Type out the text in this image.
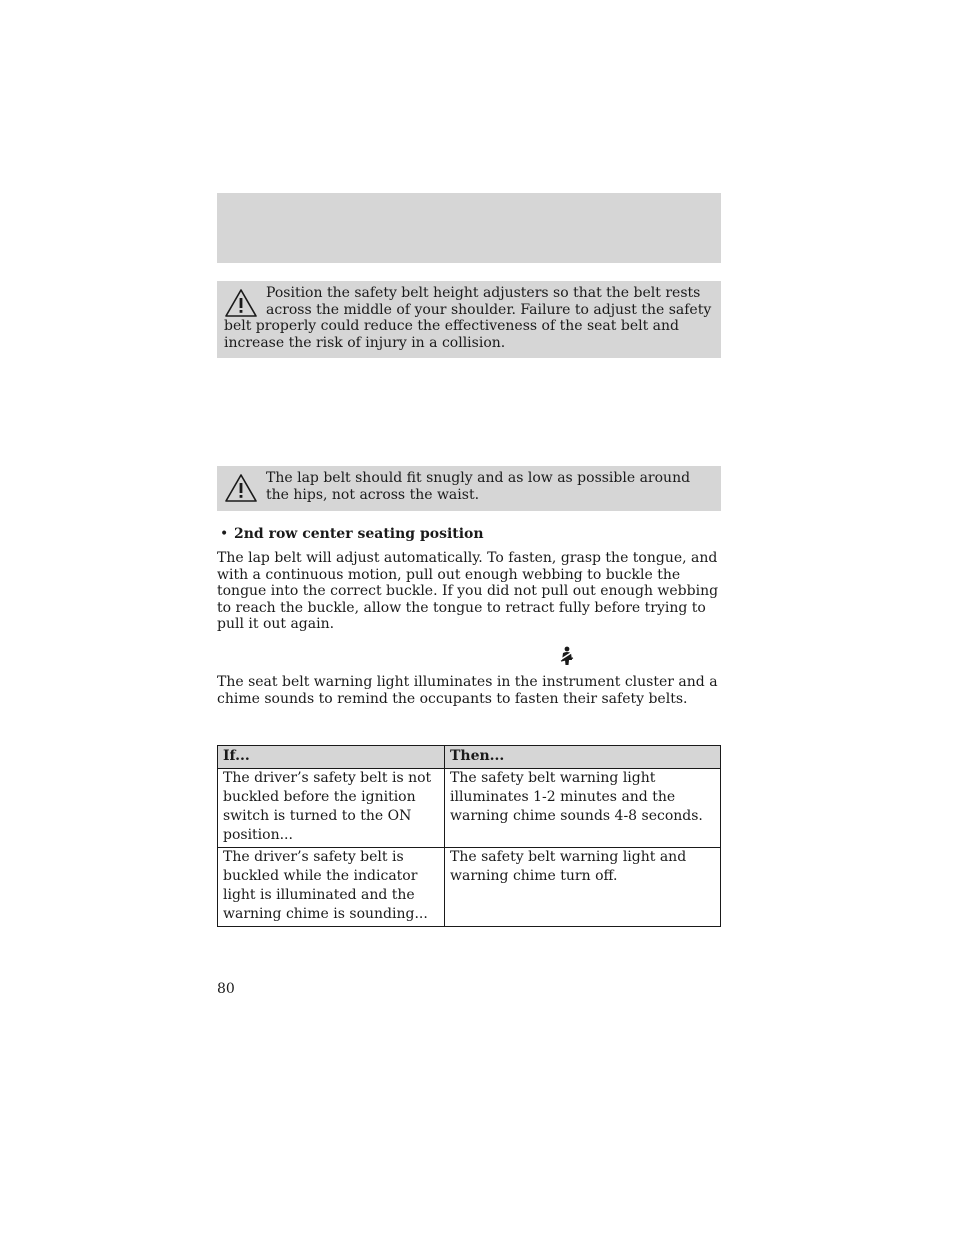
Position the safety belt height adjusters so that the belt rests across the middle of your shoulder. Failure to adjust the safety belt properly could reduce the effectiveness of the seat belt and increase the risk of injury in a collision.

The lap belt should fit snugly and as low as possible around the hips, not across the waist.

• 2nd row center seating position

The lap belt will adjust automatically. To fasten, grasp the tongue, and with a continuous motion, pull out enough webbing to buckle the tongue into the correct buckle. If you did not pull out enough webbing to reach the buckle, allow the tongue to retract fully before trying to pull it out again.

The seat belt warning light illuminates in the instrument cluster and a chime sounds to remind the occupants to fasten their safety belts.

If...	Then...
The driver’s safety belt is not buckled before the ignition switch is turned to the ON position...	The safety belt warning light illuminates 1-2 minutes and the warning chime sounds 4-8 seconds.
The driver’s safety belt is buckled while the indicator light is illuminated and the warning chime is sounding...	The safety belt warning light and warning chime turn off.
80
